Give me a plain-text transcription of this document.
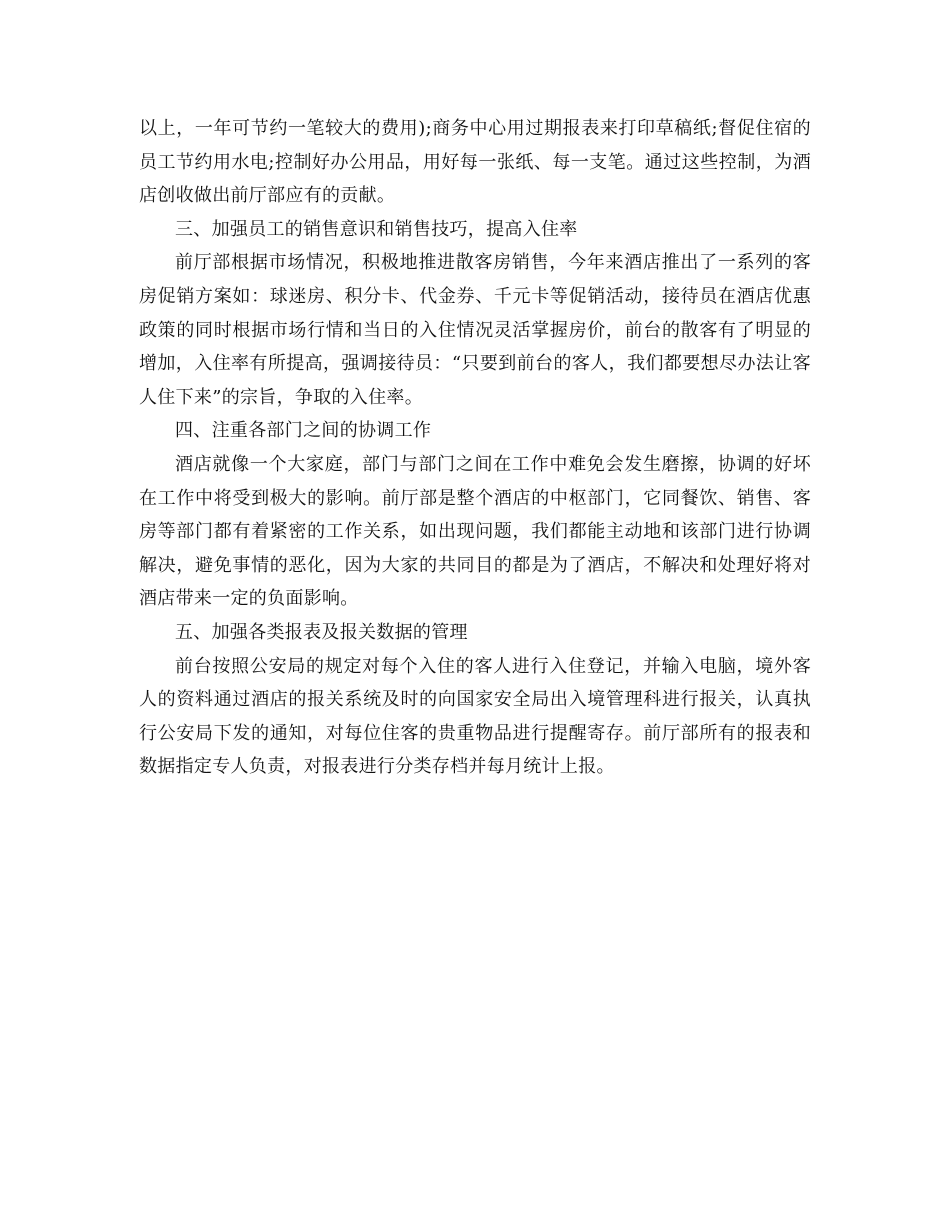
以上，一年可节约一笔较大的费用);商务中心用过期报表来打印草稿纸;督促住宿的员工节约用水电;控制好办公用品，用好每一张纸、每一支笔。通过这些控制，为酒店创收做出前厅部应有的贡献。

三、加强员工的销售意识和销售技巧，提高入住率

前厅部根据市场情况，积极地推进散客房销售，今年来酒店推出了一系列的客房促销方案如：球迷房、积分卡、代金券、千元卡等促销活动，接待员在酒店优惠政策的同时根据市场行情和当日的入住情况灵活掌握房价，前台的散客有了明显的增加，入住率有所提高，强调接待员：“只要到前台的客人，我们都要想尽办法让客人住下来”的宗旨，争取的入住率。

四、注重各部门之间的协调工作

酒店就像一个大家庭，部门与部门之间在工作中难免会发生磨擦，协调的好坏在工作中将受到极大的影响。前厅部是整个酒店的中枢部门，它同餐饮、销售、客房等部门都有着紧密的工作关系，如出现问题，我们都能主动地和该部门进行协调解决，避免事情的恶化，因为大家的共同目的都是为了酒店，不解决和处理好将对酒店带来一定的负面影响。

五、加强各类报表及报关数据的管理

前台按照公安局的规定对每个入住的客人进行入住登记，并输入电脑，境外客人的资料通过酒店的报关系统及时的向国家安全局出入境管理科进行报关，认真执行公安局下发的通知，对每位住客的贵重物品进行提醒寄存。前厅部所有的报表和数据指定专人负责，对报表进行分类存档并每月统计上报。
